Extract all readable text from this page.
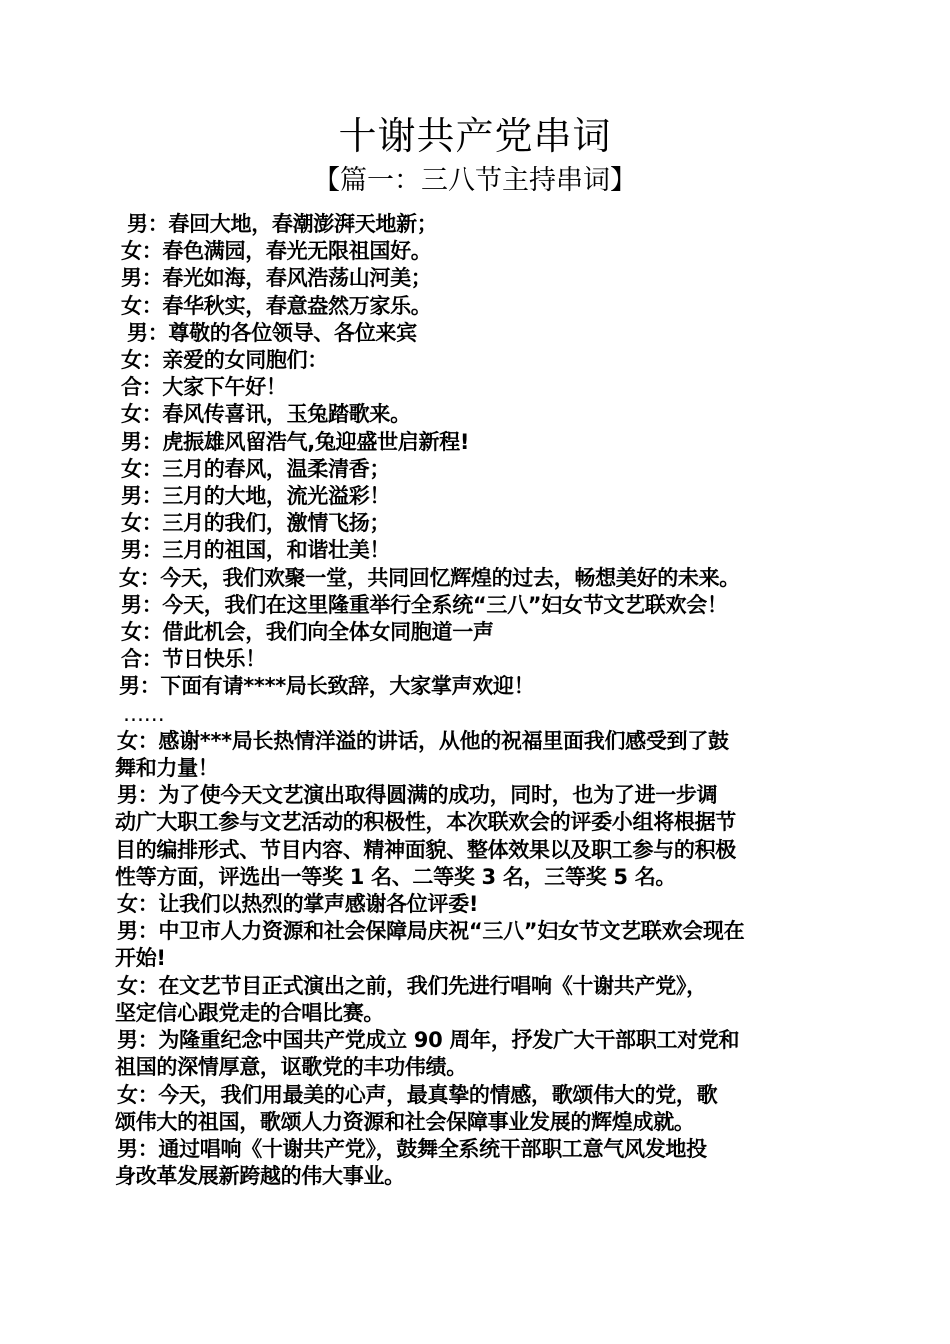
十谢共产党串词
【篇一：三八节主持串词】
男：春回大地，春潮澎湃天地新；
女：春色满园，春光无限祖国好。
男：春光如海，春风浩荡山河美；
女：春华秋实，春意盎然万家乐。
男：尊敬的各位领导、各位来宾
女：亲爱的女同胞们：
合：大家下午好！
女：春风传喜讯，玉兔踏歌来。
男：虎振雄风留浩气,兔迎盛世启新程!
女：三月的春风，温柔清香；
男：三月的大地，流光溢彩！
女：三月的我们，激情飞扬；
男：三月的祖国，和谐壮美！
女：今天，我们欢聚一堂，共同回忆辉煌的过去，畅想美好的未来。
男：今天，我们在这里隆重举行全系统“三八”妇女节文艺联欢会！
女：借此机会，我们向全体女同胞道一声
合：节日快乐！
男：下面有请****局长致辞，大家掌声欢迎！
……
女：感谢***局长热情洋溢的讲话，从他的祝福里面我们感受到了鼓
舞和力量！
男：为了使今天文艺演出取得圆满的成功，同时，也为了进一步调
动广大职工参与文艺活动的积极性，本次联欢会的评委小组将根据节
目的编排形式、节目内容、精神面貌、整体效果以及职工参与的积极
性等方面，评选出一等奖 1 名、二等奖 3 名，三等奖 5 名。
女：让我们以热烈的掌声感谢各位评委!
男：中卫市人力资源和社会保障局庆祝“三八”妇女节文艺联欢会现在
开始!
女：在文艺节目正式演出之前，我们先进行唱响《十谢共产党》，
坚定信心跟党走的合唱比赛。
男：为隆重纪念中国共产党成立 90 周年，抒发广大干部职工对党和
祖国的深情厚意，讴歌党的丰功伟绩。
女：今天，我们用最美的心声，最真挚的情感，歌颂伟大的党，歌
颂伟大的祖国，歌颂人力资源和社会保障事业发展的辉煌成就。
男：通过唱响《十谢共产党》，鼓舞全系统干部职工意气风发地投
身改革发展新跨越的伟大事业。
